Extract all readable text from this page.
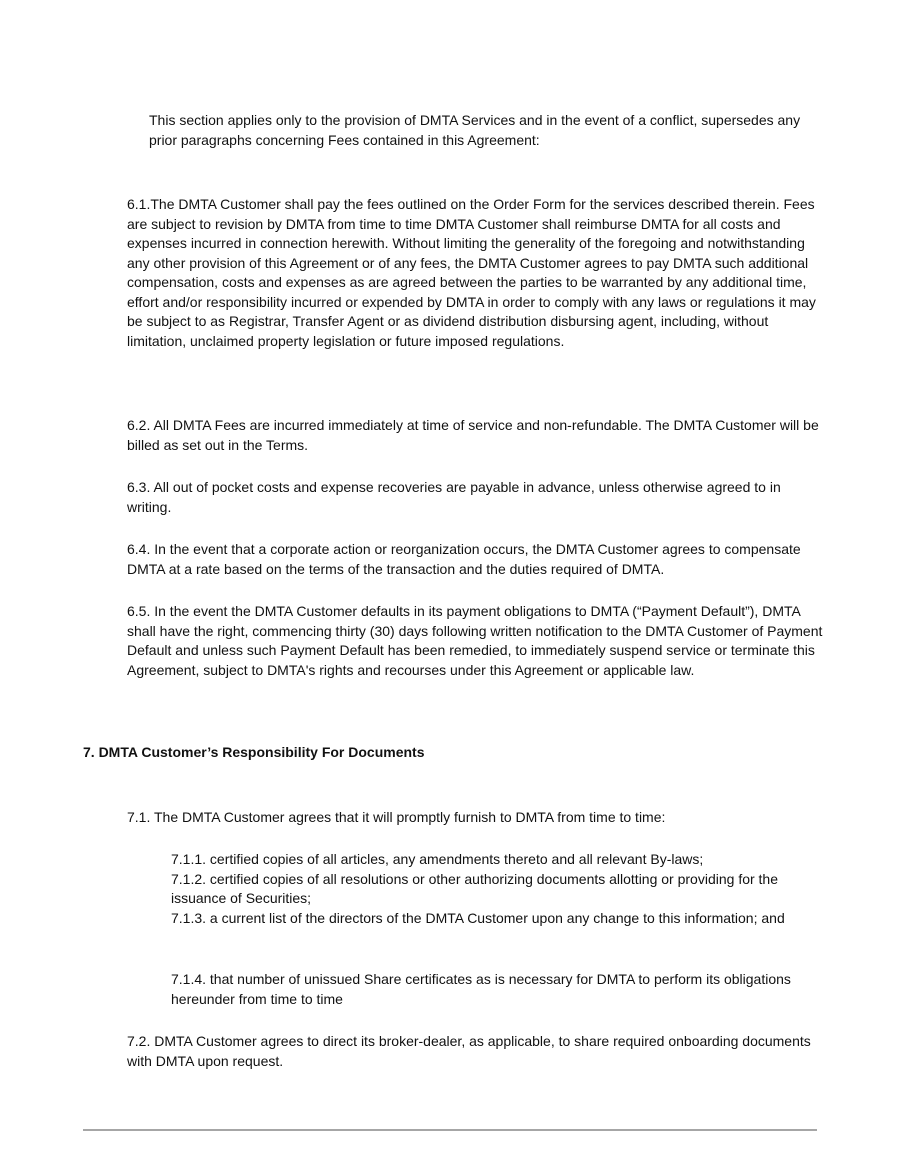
This section applies only to the provision of DMTA Services and in the event of a conflict, supersedes any prior paragraphs concerning Fees contained in this Agreement:

6.1.The DMTA Customer shall pay the fees outlined on the Order Form for the services described therein. Fees are subject to revision by DMTA from time to time DMTA Customer shall reimburse DMTA for all costs and expenses incurred in connection herewith. Without limiting the generality of the foregoing and notwithstanding any other provision of this Agreement or of any fees, the DMTA Customer agrees to pay DMTA such additional compensation, costs and expenses as are agreed between the parties to be warranted by any additional time, effort and/or responsibility incurred or expended by DMTA in order to comply with any laws or regulations it may be subject to as Registrar, Transfer Agent or as dividend distribution disbursing agent, including, without limitation, unclaimed property legislation or future imposed regulations.

6.2. All DMTA Fees are incurred immediately at time of service and non-refundable. The DMTA Customer will be billed as set out in the Terms.

6.3. All out of pocket costs and expense recoveries are payable in advance, unless otherwise agreed to in writing.

6.4. In the event that a corporate action or reorganization occurs, the DMTA Customer agrees to compensate DMTA at a rate based on the terms of the transaction and the duties required of DMTA.

6.5. In the event the DMTA Customer defaults in its payment obligations to DMTA (“Payment Default”), DMTA shall have the right, commencing thirty (30) days following written notification to the DMTA Customer of Payment Default and unless such Payment Default has been remedied, to immediately suspend service or terminate this Agreement, subject to DMTA's rights and recourses under this Agreement or applicable law.

7. DMTA Customer’s Responsibility For Documents

7.1. The DMTA Customer agrees that it will promptly furnish to DMTA from time to time:

7.1.1. certified copies of all articles, any amendments thereto and all relevant By-laws;

7.1.2. certified copies of all resolutions or other authorizing documents allotting or providing for the issuance of Securities;

7.1.3. a current list of the directors of the DMTA Customer upon any change to this information; and

7.1.4. that number of unissued Share certificates as is necessary for DMTA to perform its obligations hereunder from time to time

7.2. DMTA Customer agrees to direct its broker-dealer, as applicable, to share required onboarding documents with DMTA upon request.
